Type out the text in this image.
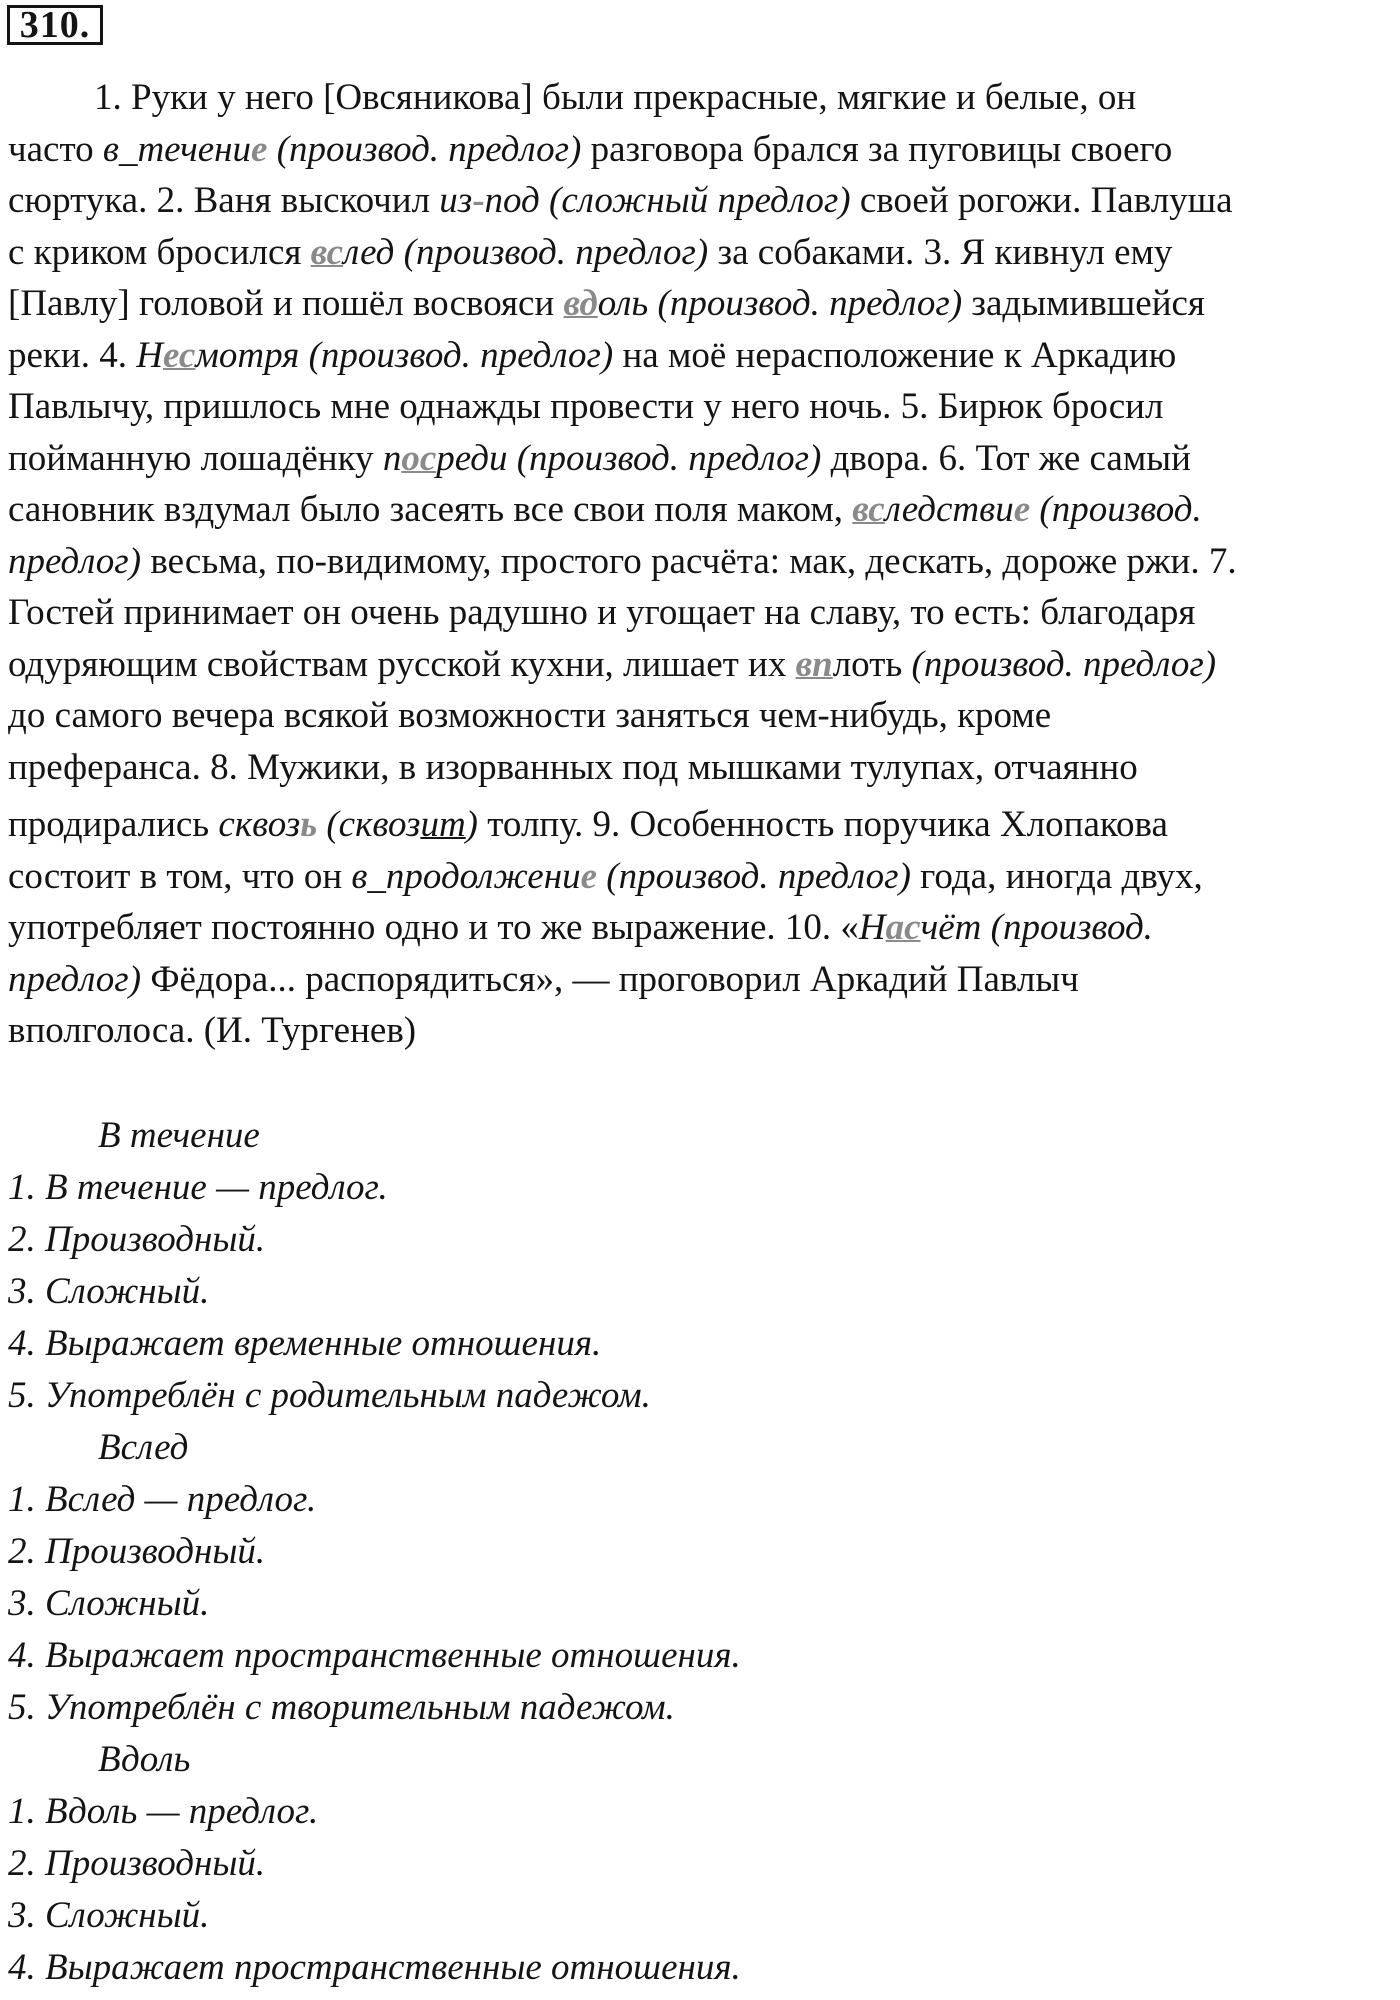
310.
1. Руки у него [Овсяникова] были прекрасные, мягкие и белые, он
часто в_течение (производ. предлог) разговора брался за пуговицы своего
сюртука. 2. Ваня выскочил из-под (сложный предлог) своей рогожи. Павлуша
с криком бросился вслед (производ. предлог) за собаками. 3. Я кивнул ему
[Павлу] головой и пошёл восвояси вдоль (производ. предлог) задымившейся
реки. 4. Несмотря (производ. предлог) на моё нерасположение к Аркадию
Павлычу, пришлось мне однажды провести у него ночь. 5. Бирюк бросил
пойманную лошадёнку посреди (производ. предлог) двора. 6. Тот же самый
сановник вздумал было засеять все свои поля маком, вследствие (производ.
предлог) весьма, по-видимому, простого расчёта: мак, дескать, дороже ржи. 7.
Гостей принимает он очень радушно и угощает на славу, то есть: благодаря
одуряющим свойствам русской кухни, лишает их вплоть (производ. предлог)
до самого вечера всякой возможности заняться чем-нибудь, кроме
преферанса. 8. Мужики, в изорванных под мышками тулупах, отчаянно
продирались сквозь (сквозит) толпу. 9. Особенность поручика Хлопакова
состоит в том, что он в_продолжение (производ. предлог) года, иногда двух,
употребляет постоянно одно и то же выражение. 10. «Насчёт (производ.
предлог) Фёдора... распорядиться», — проговорил Аркадий Павлыч
вполголоса. (И. Тургенев)
В течение
1. В течение — предлог.
2. Производный.
3. Сложный.
4. Выражает временные отношения.
5. Употреблён с родительным падежом.
Вслед
1. Вслед — предлог.
2. Производный.
3. Сложный.
4. Выражает пространственные отношения.
5. Употреблён с творительным падежом.
Вдоль
1. Вдоль — предлог.
2. Производный.
3. Сложный.
4. Выражает пространственные отношения.
